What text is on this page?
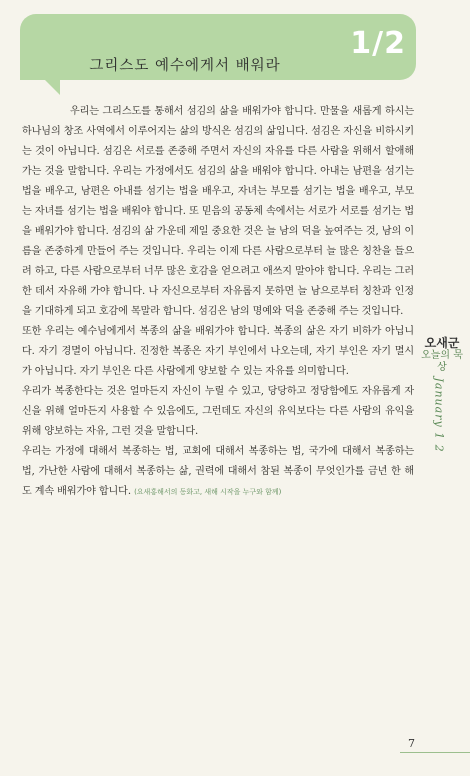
그리스도 예수에게서 배워라
1/2

우리는 그리스도를 통해서 섬김의 삶을 배워가야 합니다. 만물을 새롭게 하시는 하나님의 창조 사역에서 이루어지는 삶의 방식은 섬김의 삶입니다. 섬김은 자신을 비하시키는 것이 아닙니다. 섬김은 서로를 존중해 주면서 자신의 자유를 다른 사람을 위해서 할애해 가는 것을 말합니다. 우리는 가정에서도 섬김의 삶을 배워야 합니다. 아내는 남편을 섬기는 법을 배우고, 남편은 아내를 섬기는 법을 배우고, 자녀는 부모를 섬기는 법을 배우고, 부모는 자녀를 섬기는 법을 배워야 합니다. 또 믿음의 공동체 속에서는 서로가 서로를 섬기는 법을 배워가야 합니다. 섬김의 삶 가운데 제일 중요한 것은 늘 남의 덕을 높여주는 것, 남의 이름을 존중하게 만들어 주는 것입니다. 우리는 이제 다른 사람으로부터 늘 많은 칭찬을 들으려 하고, 다른 사람으로부터 너무 많은 호감을 얻으려고 애쓰지 말아야 합니다. 우리는 그러한 데서 자유해 가야 합니다. 나 자신으로부터 자유롭지 못하면 늘 남으로부터 칭찬과 인정을 기대하게 되고 호감에 목말라 합니다. 섬김은 남의 명예와 덕을 존중해 주는 것입니다.

또한 우리는 예수님에게서 복종의 삶을 배워가야 합니다. 복종의 삶은 자기 비하가 아닙니다. 자기 경멸이 아닙니다. 진정한 복종은 자기 부인에서 나오는데, 자기 부인은 자기 멸시가 아닙니다. 자기 부인은 다른 사람에게 양보할 수 있는 자유를 의미합니다.

우리가 복종한다는 것은 얼마든지 자신이 누릴 수 있고, 당당하고 정당함에도 자유롭게 자신을 위해 얼마든지 사용할 수 있음에도, 그런데도 자신의 유익보다는 다른 사람의 유익을 위해 양보하는 자유, 그런 것을 말합니다.

우리는 가정에 대해서 복종하는 법, 교회에 대해서 복종하는 법, 국가에 대해서 복종하는 법, 가난한 사람에 대해서 복종하는 삶, 권력에 대해서 참된 복종이 무엇인가를 금년 한 해도 계속 배워가야 합니다. (요새홍해서의 동화고, 새해 시작을 누구와 함께)

오새군
오늘의 묵상
January 1 2
7
